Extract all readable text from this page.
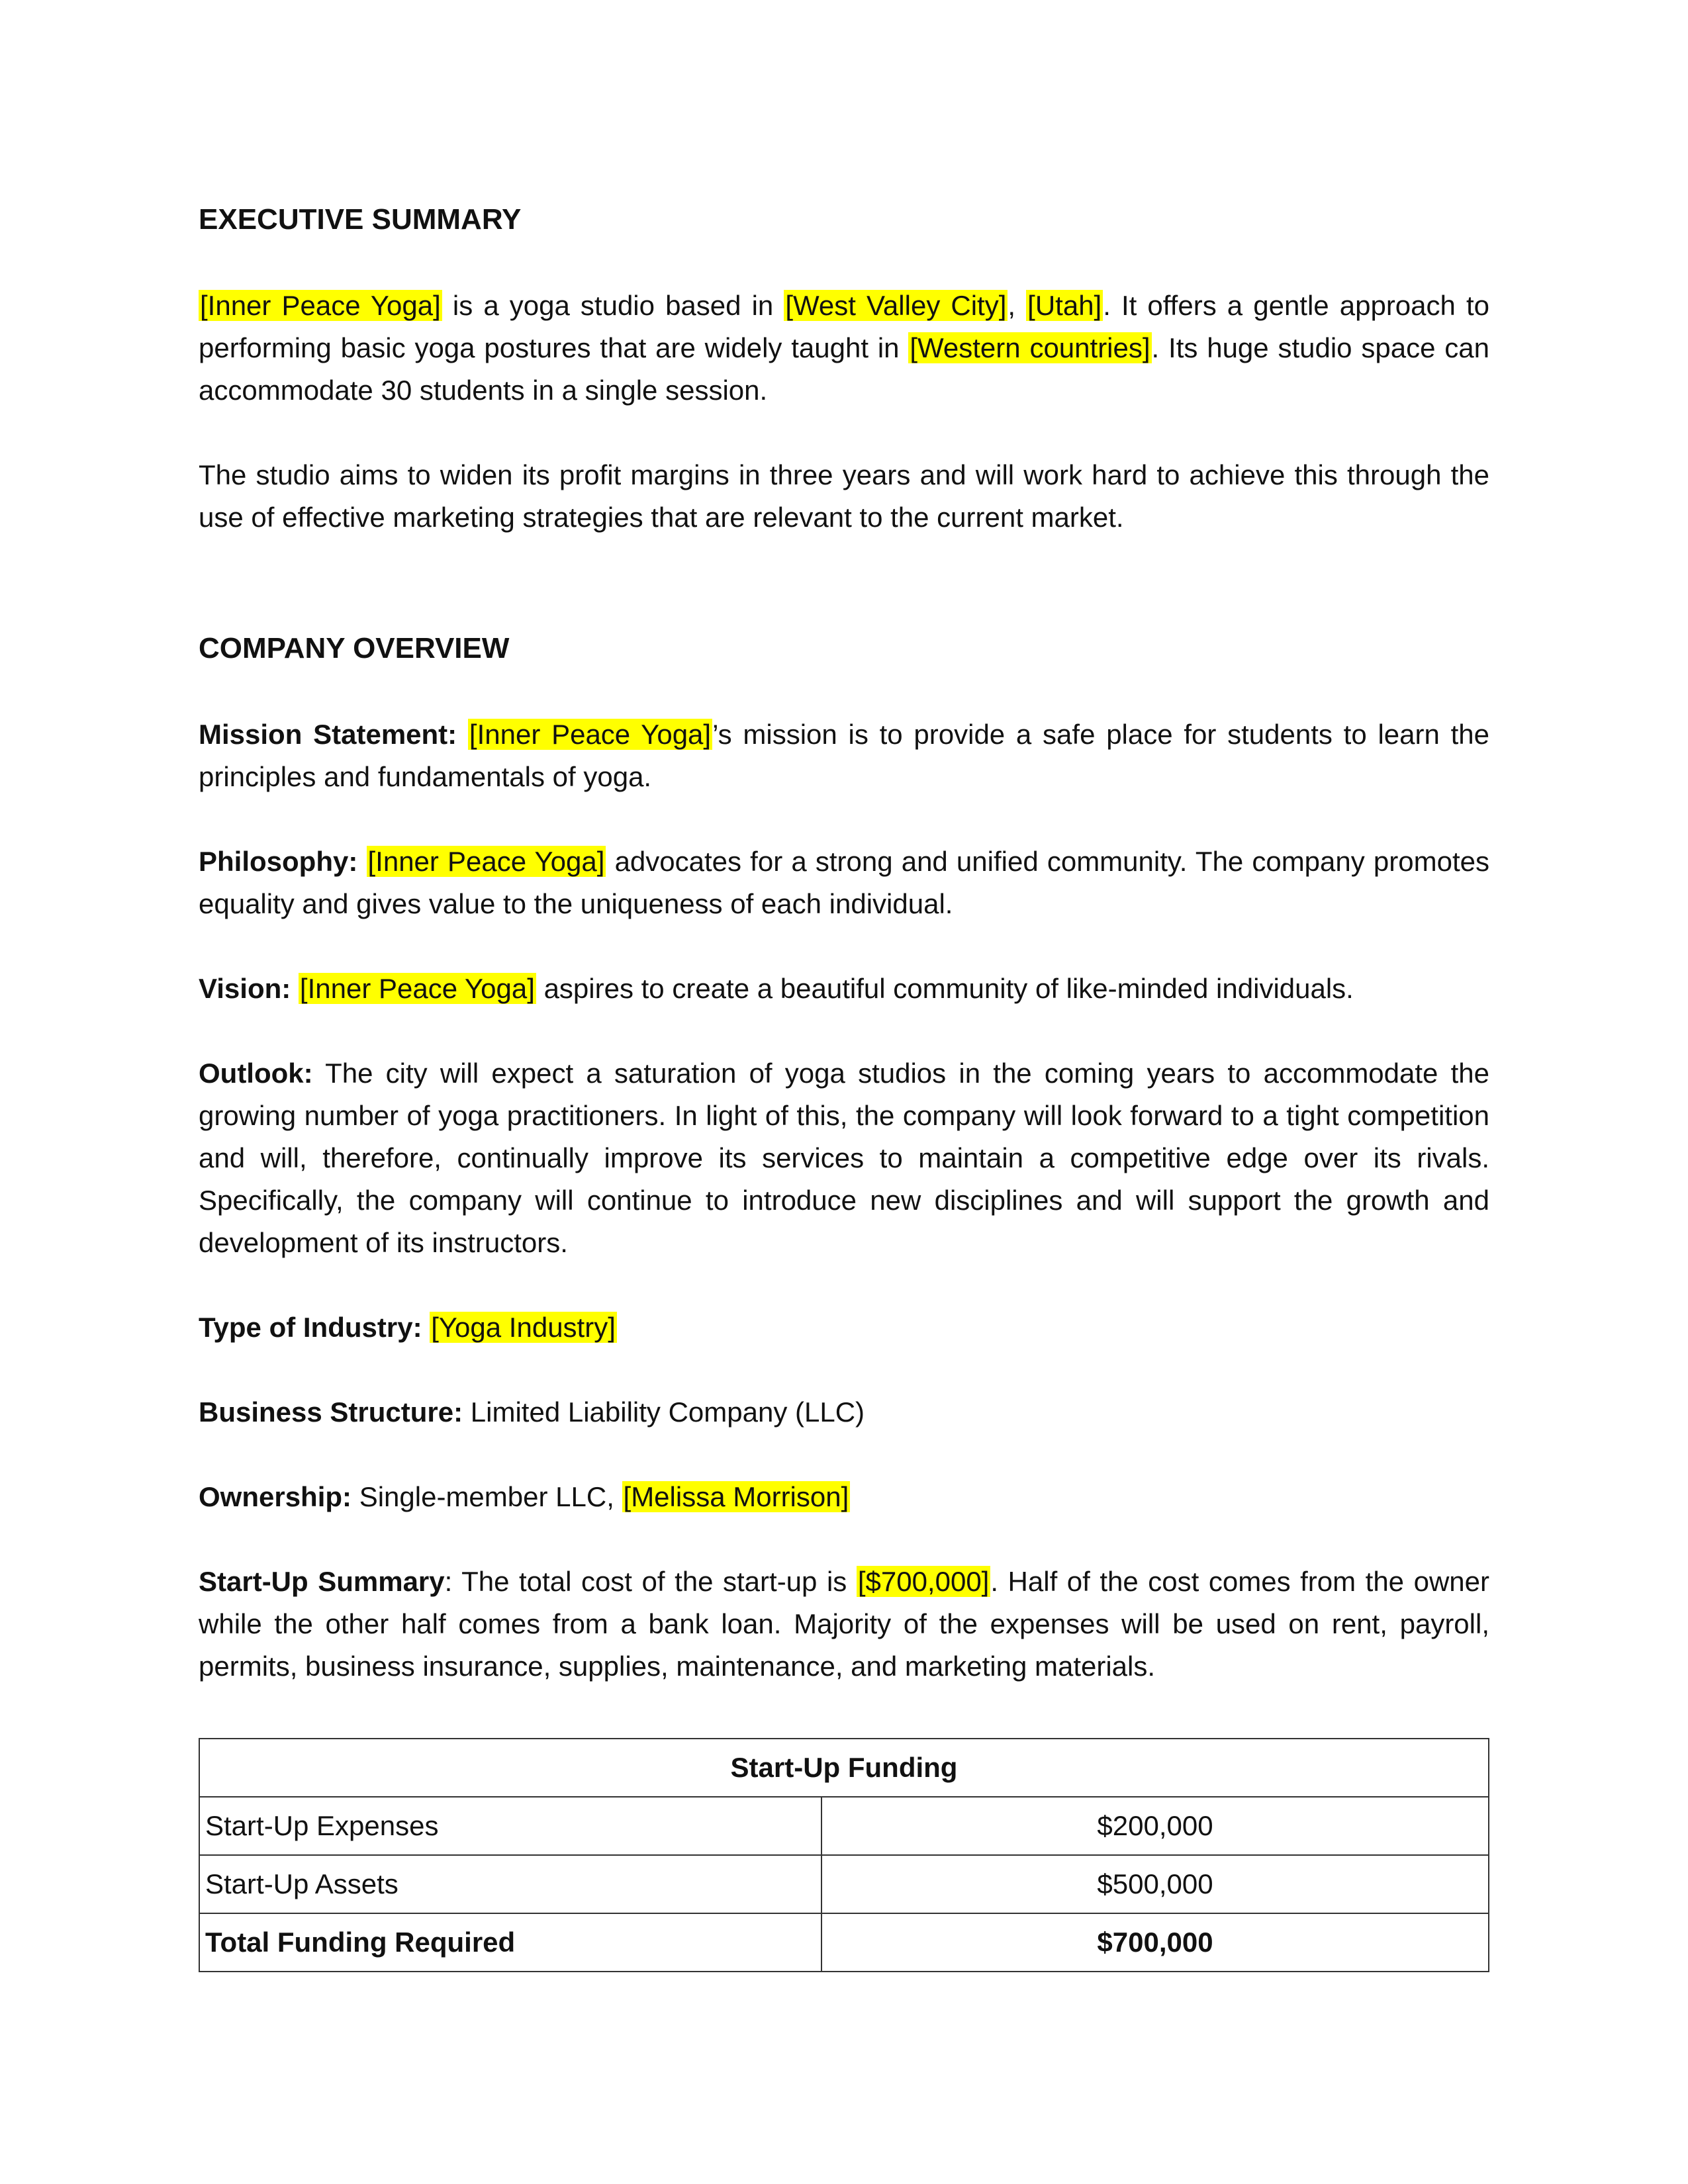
EXECUTIVE SUMMARY

[Inner Peace Yoga] is a yoga studio based in [West Valley City], [Utah]. It offers a gentle approach to performing basic yoga postures that are widely taught in [Western countries]. Its huge studio space can accommodate 30 students in a single session.

The studio aims to widen its profit margins in three years and will work hard to achieve this through the use of effective marketing strategies that are relevant to the current market.

COMPANY OVERVIEW

Mission Statement: [Inner Peace Yoga]’s mission is to provide a safe place for students to learn the principles and fundamentals of yoga.

Philosophy: [Inner Peace Yoga] advocates for a strong and unified community. The company promotes equality and gives value to the uniqueness of each individual.

Vision: [Inner Peace Yoga] aspires to create a beautiful community of like-minded individuals.

Outlook: The city will expect a saturation of yoga studios in the coming years to accommodate the growing number of yoga practitioners. In light of this, the company will look forward to a tight competition and will, therefore, continually improve its services to maintain a competitive edge over its rivals. Specifically, the company will continue to introduce new disciplines and will support the growth and development of its instructors.

Type of Industry: [Yoga Industry]

Business Structure: Limited Liability Company (LLC)

Ownership: Single-member LLC, [Melissa Morrison]

Start-Up Summary: The total cost of the start-up is [$700,000]. Half of the cost comes from the owner while the other half comes from a bank loan. Majority of the expenses will be used on rent, payroll, permits, business insurance, supplies, maintenance, and marketing materials.

Start-Up Funding	
Start-Up Expenses	$200,000
Start-Up Assets	$500,000
Total Funding Required	$700,000
